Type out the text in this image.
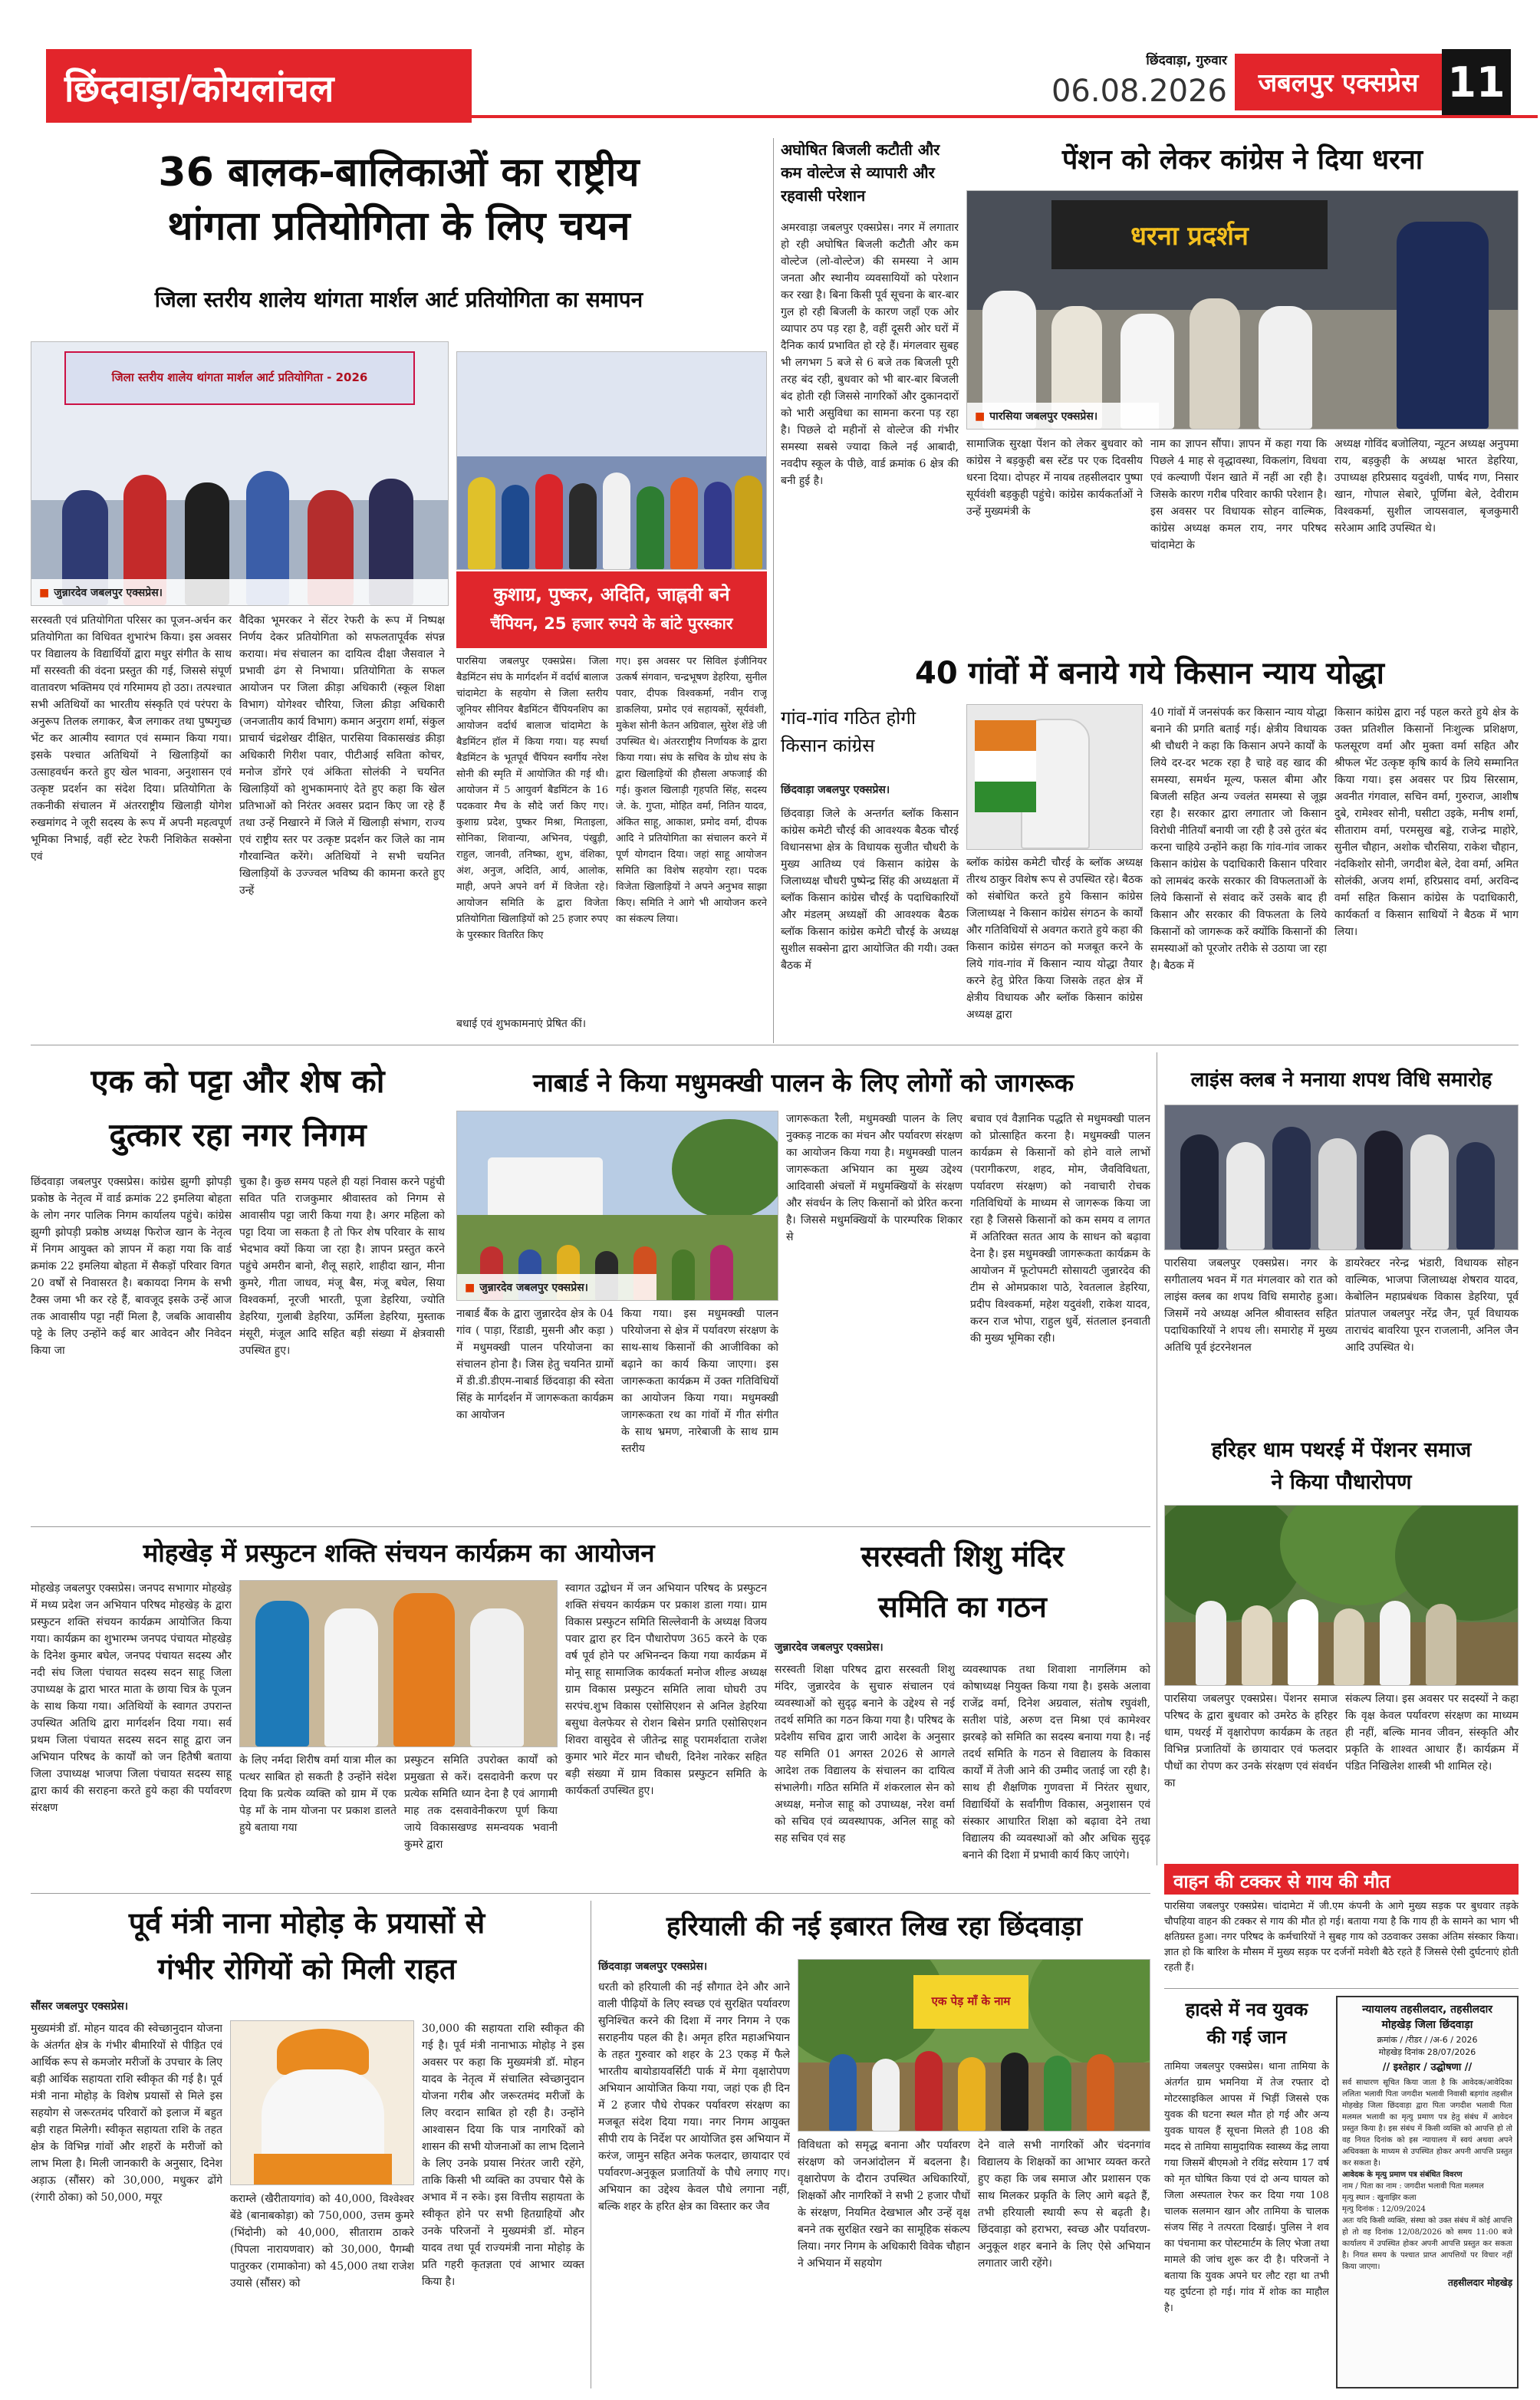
छिंदवाड़ा/कोयलांचल
छिंदवाड़ा, गुरुवार
06.08.2026	जबलपुर एक्सप्रेस 11
36 बालक-बालिकाओं का राष्ट्रीय
थांगता प्रतियोगिता के लिए चयन
जिला स्तरीय शालेय थांगता मार्शल आर्ट प्रतियोगिता का समापन
जिला स्तरीय शालेय थांगता मार्शल आर्ट प्रतियोगिता - 2026
■ जुन्नारदेव जबलपुर एक्सप्रेस।
सरस्वती एवं प्रतियोगिता परिसर का पूजन-अर्चन कर प्रतियोगिता का विधिवत शुभारंभ किया। इस अवसर पर विद्यालय के विद्यार्थियों द्वारा मधुर संगीत के साथ माँ सरस्वती की वंदना प्रस्तुत की गई, जिससे संपूर्ण वातावरण भक्तिमय एवं गरिमामय हो उठा। तत्पश्चात सभी अतिथियों का भारतीय संस्कृति एवं परंपरा के अनुरूप तिलक लगाकर, बैज लगाकर तथा पुष्पगुच्छ भेंट कर आत्मीय स्वागत एवं सम्मान किया गया। इसके पश्चात अतिथियों ने खिलाड़ियों का उत्साहवर्धन करते हुए खेल भावना, अनुशासन एवं उत्कृष्ट प्रदर्शन का संदेश दिया। प्रतियोगिता के तकनीकी संचालन में अंतरराष्ट्रीय खिलाड़ी योगेश रुखमांगद ने जूरी सदस्य के रूप में अपनी महत्वपूर्ण भूमिका निभाई, वहीं स्टेट रेफरी निशिकेत सक्सेना एवं
वैदिका भूमरकर ने सेंटर रेफरी के रूप में निष्पक्ष निर्णय देकर प्रतियोगिता को सफलतापूर्वक संपन्न कराया। मंच संचालन का दायित्व दीक्षा जैसवाल ने प्रभावी ढंग से निभाया। प्रतियोगिता के सफल आयोजन पर जिला क्रीड़ा अधिकारी (स्कूल शिक्षा विभाग) योगेश्वर चौरिया, जिला क्रीड़ा अधिकारी (जनजातीय कार्य विभाग) कमान अनुराग शर्मा, संकुल प्राचार्य चंद्रशेखर दीक्षित, पारसिया विकासखंड क्रीड़ा अधिकारी गिरीश पवार, पीटीआई सविता कोचर, मनोज डोंगरे एवं अंकिता सोलंकी ने चयनित खिलाड़ियों को शुभकामनाएं देते हुए कहा कि खेल प्रतिभाओं को निरंतर अवसर प्रदान किए जा रहे हैं तथा उन्हें निखारने में जिले में खिलाड़ी संभाग, राज्य एवं राष्ट्रीय स्तर पर उत्कृष्ट प्रदर्शन कर जिले का नाम गौरवान्वित करेंगे। अतिथियों ने सभी चयनित खिलाड़ियों के उज्ज्वल भविष्य की कामना करते हुए उन्हें
कुशाग्र, पुष्कर, अदिति, जाह्नवी बने
चैंपियन, 25 हजार रुपये के बांटे पुरस्कार
पारसिया जबलपुर एक्सप्रेस। जिला बैडमिंटन संघ के मार्गदर्शन में वर्दार्ध बालाज चांदामेटा के सहयोग से जिला स्तरीय जूनियर सीनियर बैडमिंटन चैंपियनशिप का आयोजन वर्दार्ध बालाज चांदामेटा के बैडमिंटन हॉल में किया गया। यह स्पर्धा बैडमिंटन के भूतपूर्व चैंपियन स्वर्गीय नरेश सोनी की स्मृति में आयोजित की गई थी। आयोजन में 5 आयुवर्ग बैडमिंटन के 16 पदकवार मैच के सौदे जर्रा किए गए। कुशाग्र प्रदेश, पुष्कर मिश्रा, मिताइला, सोनिका, शिवान्या, अभिनव, पंखुड़ी, राहुल, जानवी, तनिष्का, शुभ, वंशिका, अंश, अनुज, अदिति, आर्य, आलोक, माही, अपने अपने वर्ग में विजेता रहे। आयोजन समिति के द्वारा विजेता प्रतियोगिता खिलाड़ियों को 25 हजार रुपए के पुरस्कार वितरित किए
गए। इस अवसर पर सिविल इंजीनियर उत्कर्ष संगवान, चन्द्रभूषण डेहरिया, सुनील पवार, दीपक विश्वकर्मा, नवीन राजू डाकलिया, प्रमोद एवं सहायकों, सूर्यवंशी, मुकेश सोनी केतन अग्रिवाल, सुरेश शेंडे जी उपस्थित थे। अंतरराष्ट्रीय निर्णायक के द्वारा किया गया। संघ के सचिव के ग्रोथ संघ के द्वारा खिलाड़ियों की हौसला अफजाई की गई। कुशल खिलाड़ी गृहपति सिंह, सदस्य जे. के. गुप्ता, मोहित वर्मा, नितिन यादव, अंकित साहू, आकाश, प्रमोद वर्मा, दीपक आदि ने प्रतियोगिता का संचालन करने में पूर्ण योगदान दिया। जहां साहू आयोजन समिति का विशेष सहयोग रहा। पदक विजेता खिलाड़ियों ने अपने अनुभव साझा किए। समिति ने आगे भी आयोजन करने का संकल्प लिया।
बधाई एवं शुभकामनाएं प्रेषित कीं।
अघोषित बिजली कटौती और कम वोल्टेज से व्यापारी और रहवासी परेशान
अमरवाड़ा जबलपुर एक्सप्रेस। नगर में लगातार हो रही अघोषित बिजली कटौती और कम वोल्टेज (लो-वोल्टेज) की समस्या ने आम जनता और स्थानीय व्यवसायियों को परेशान कर रखा है। बिना किसी पूर्व सूचना के बार-बार गुल हो रही बिजली के कारण जहाँ एक ओर व्यापार ठप पड़ रहा है, वहीं दूसरी ओर घरों में दैनिक कार्य प्रभावित हो रहे हैं। मंगलवार सुबह भी लगभग 5 बजे से 6 बजे तक बिजली पूरी तरह बंद रही, बुधवार को भी बार-बार बिजली बंद होती रही जिससे नागरिकों और दुकानदारों को भारी असुविधा का सामना करना पड़ रहा है। पिछले दो महीनों से वोल्टेज की गंभीर समस्या सबसे ज्यादा किले नई आबादी, नवदीप स्कूल के पीछे, वार्ड क्रमांक 6 क्षेत्र की बनी हुई है।
पेंशन को लेकर कांग्रेस ने दिया धरना
धरना प्रदर्शन
■ पारसिया जबलपुर एक्सप्रेस।
सामाजिक सुरक्षा पेंशन को लेकर बुधवार को कांग्रेस ने बड़कुही बस स्टेंड पर एक दिवसीय धरना दिया। दोपहर में नायब तहसीलदार पुष्पा सूर्यवंशी बड़कुही पहुंचे। कांग्रेस कार्यकर्ताओं ने उन्हें मुख्यमंत्री के
नाम का ज्ञापन सौंपा। ज्ञापन में कहा गया कि पिछले 4 माह से वृद्धावस्था, विकलांग, विधवा एवं कल्याणी पेंशन खाते में नहीं आ रही है। जिसके कारण गरीब परिवार काफी परेशान है। इस अवसर पर विधायक सोहन वाल्मिक, कांग्रेस अध्यक्ष कमल राय, नगर परिषद चांदामेटा के
अध्यक्ष गोविंद बजोलिया, न्यूटन अध्यक्ष अनुपमा राय, बड़कुही के अध्यक्ष भारत डेहरिया, उपाध्यक्ष हरिप्रसाद यदुवंशी, पार्षद गण, निसार खान, गोपाल सेबारे, पूर्णिमा बेले, देवीराम विश्वकर्मा, सुशील जायसवाल, बृजकुमारी सरेआम आदि उपस्थित थे।
40 गांवों में बनाये गये किसान न्याय योद्धा
गांव-गांव गठित होगी किसान कांग्रेस
छिंदवाड़ा जबलपुर एक्सप्रेस।
छिंदवाड़ा जिले के अन्तर्गत ब्लॉक किसान कांग्रेस कमेटी चौरई की आवश्यक बैठक चौरई विधानसभा क्षेत्र के विधायक सुजीत चौधरी के मुख्य आतिथ्य एवं किसान कांग्रेस के जिलाध्यक्ष चौधरी पुष्पेन्द्र सिंह की अध्यक्षता में ब्लॉक किसान कांग्रेस चौरई के पदाधिकारियों और मंडलम् अध्यक्षों की आवश्यक बैठक ब्लॉक किसान कांग्रेस कमेटी चौरई के अध्यक्ष सुशील सक्सेना द्वारा आयोजित की गयी। उक्त बैठक में
ब्लॉक कांग्रेस कमेटी चौरई के ब्लॉक अध्यक्ष तीरथ ठाकुर विशेष रूप से उपस्थित रहे। बैठक को संबोधित करते हुये किसान कांग्रेस जिलाध्यक्ष ने किसान कांग्रेस संगठन के कार्यों और गतिविधियों से अवगत कराते हुये कहा की किसान कांग्रेस संगठन को मजबूत करने के लिये गांव-गांव में किसान न्याय योद्धा तैयार करने हेतु प्रेरित किया जिसके तहत क्षेत्र में क्षेत्रीय विधायक और ब्लॉक किसान कांग्रेस अध्यक्ष द्वारा
40 गांवों में जनसंपर्क कर किसान न्याय योद्धा बनाने की प्रगति बताई गई। क्षेत्रीय विधायक श्री चौधरी ने कहा कि किसान अपने कार्यों के लिये दर-दर भटक रहा है चाहे वह खाद की समस्या, समर्थन मूल्य, फसल बीमा और बिजली सहित अन्य ज्वलंत समस्या से जूझ रहा है। सरकार द्वारा लगातार जो किसान विरोधी नीतियाँ बनायी जा रही है उसे तुरंत बंद करना चाहिये उन्होंने कहा कि गांव-गांव जाकर किसान कांग्रेस के पदाधिकारी किसान परिवार को लामबंद करके सरकार की विफलताओं के लिये किसानों से संवाद करें उसके बाद ही किसान और सरकार की विफलता के लिये किसानों को जागरूक करें क्योंकि किसानों की समस्याओं को पूरजोर तरीके से उठाया जा रहा है। बैठक में
किसान कांग्रेस द्वारा नई पहल करते हुये क्षेत्र के उक्त प्रतिशील किसानों निःशुल्क प्रशिक्षण, फलसूरण वर्मा और मुक्ता वर्मा सहित और श्रीफल भेंट उत्कृष्ट कृषि कार्य के लिये सम्मानित किया गया। इस अवसर पर प्रिय सिरसाम, अवनीत गंगवाल, सचिन वर्मा, गुरुराज, आशीष दुबे, रामेश्वर सोनी, घसीटा उइके, मनीष शर्मा, सीताराम वर्मा, परमसुख बड्डे, राजेन्द्र माहोरे, सुनील चौहान, अशोक चौरसिया, राकेश चौहान, नंदकिशोर सोनी, जगदीश बेले, देवा वर्मा, अमित सोलंकी, अजय शर्मा, हरिप्रसाद वर्मा, अरविन्द वर्मा सहित किसान कांग्रेस के पदाधिकारी, कार्यकर्ता व किसान साथियों ने बैठक में भाग लिया।
एक को पट्टा और शेष को
दुत्कार रहा नगर निगम
छिंदवाड़ा जबलपुर एक्सप्रेस। कांग्रेस झुग्गी झोपड़ी प्रकोष्ठ के नेतृत्व में वार्ड क्रमांक 22 इमलिया बोहता के लोग नगर पालिक निगम कार्यालय पहुंचे। कांग्रेस झुग्गी झोपड़ी प्रकोष्ठ अध्यक्ष फिरोज खान के नेतृत्व में निगम आयुक्त को ज्ञापन में कहा गया कि वार्ड क्रमांक 22 इमलिया बोहता में सैकड़ों परिवार विगत 20 वर्षों से निवासरत है। बकायदा निगम के सभी टैक्स जमा भी कर रहे हैं, बावजूद इसके उन्हें आज तक आवासीय पट्टा नहीं मिला है, जबकि आवासीय पट्टे के लिए उन्होंने कई बार आवेदन और निवेदन किया जा
चुका है। कुछ समय पहले ही यहां निवास करने पहुंची सवित पति राजकुमार श्रीवास्तव को निगम से आवासीय पट्टा जारी किया गया है। अगर महिला को पट्टा दिया जा सकता है तो फिर शेष परिवार के साथ भेदभाव क्यों किया जा रहा है। ज्ञापन प्रस्तुत करने पहुंचे अमरीन बानो, शैलू सहारे, शाहीदा खान, मीना कुमरे, गीता जाधव, मंजू बैस, मंजू बघेल, सिया विश्वकर्मा, नूरजी भारती, पूजा डेहरिया, ज्योति डेहरिया, गुलाबी डेहरिया, ऊर्मिला डेहरिया, मुस्ताक मंसूरी, मंजूल आदि सहित बड़ी संख्या में क्षेत्रवासी उपस्थित हुए।
नाबार्ड ने किया मधुमक्खी पालन के लिए लोगों को जागरूक
■ जुन्नारदेव जबलपुर एक्सप्रेस।
नाबार्ड बैंक के द्वारा जुन्नारदेव क्षेत्र के 04 गांव ( पाड़ा, रिंडाडी, मुसनी और कड़ा ) में मधुमक्खी पालन परियोजना का संचालन होना है। जिस हेतु चयनित ग्रामों में डी.डी.डीएम-नाबार्ड छिंदवाड़ा की स्वेता सिंह के मार्गदर्शन में जागरूकता कार्यक्रम का आयोजन
किया गया। इस मधुमक्खी पालन परियोजना से क्षेत्र में पर्यावरण संरक्षण के साथ-साथ किसानों की आजीविका को बढ़ाने का कार्य किया जाएगा। इस जागरूकता कार्यक्रम में उक्त गतिविधियों का आयोजन किया गया। मधुमक्खी जागरूकता रथ का गांवों में गीत संगीत के साथ भ्रमण, नारेबाजी के साथ ग्राम स्तरीय
जागरूकता रैली, मधुमक्खी पालन के लिए नुक्कड़ नाटक का मंचन और पर्यावरण संरक्षण का आयोजन किया गया है। मधुमक्खी पालन जागरूकता अभियान का मुख्य उद्देश्य आदिवासी अंचलों में मधुमक्खियों के संरक्षण और संवर्धन के लिए किसानों को प्रेरित करना है। जिससे मधुमक्खियों के पारम्परिक शिकार से
बचाव एवं वैज्ञानिक पद्धति से मधुमक्खी पालन को प्रोत्साहित करना है। मधुमक्खी पालन कार्यक्रम से किसानों को होने वाले लाभों (परागीकरण, शहद, मोम, जैवविविधता, पर्यावरण संरक्षण) को नवाचारी रोचक गतिविधियों के माध्यम से जागरूक किया जा रहा है जिससे किसानों को कम समय व लागत में अतिरिक्त सतत आय के साधन को बढ़ावा देना है। इस मधुमक्खी जागरूकता कार्यक्रम के आयोजन में फूटोपमटी सोसायटी जुन्नारदेव की टीम से ओमप्रकाश पाठे, रेवतलाल डेहरिया, प्रदीप विश्वकर्मा, महेश यदुवंशी, राकेश यादव, करन राज भोपा, राहुल धुर्वे, संतलाल इनवाती की मुख्य भूमिका रही।
लाइंस क्लब ने मनाया शपथ विधि समारोह
पारसिया जबलपुर एक्सप्रेस। नगर के सगीतालय भवन में गत मंगलवार को रात को लाइंस क्लब का शपथ विधि समारोह हुआ। जिसमें नये अध्यक्ष अनिल श्रीवास्तव सहित पदाधिकारियों ने शपथ ली। समारोह में मुख्य अतिथि पूर्व इंटरनेशनल
डायरेक्टर नरेन्द्र भंडारी, विधायक सोहन वाल्मिक, भाजपा जिलाध्यक्ष शेषराव यादव, केबोलिन महाप्रबंधक विकास डेहरिया, पूर्व प्रांतपाल जबलपुर नरेंद्र जैन, पूर्व विधायक ताराचंद बावरिया पूरन राजलानी, अनिल जैन आदि उपस्थित थे।
हरिहर धाम पथरई में पेंशनर समाज
ने किया पौधारोपण
पारसिया जबलपुर एक्सप्रेस। पेंशनर समाज परिषद के द्वारा बुधवार को उमरेठ के हरिहर धाम, पथरई में वृक्षारोपण कार्यक्रम के तहत विभिन्न प्रजातियों के छायादार एवं फलदार पौधों का रोपण कर उनके संरक्षण एवं संवर्धन का
संकल्प लिया। इस अवसर पर सदस्यों ने कहा कि वृक्ष केवल पर्यावरण संरक्षण का माध्यम ही नहीं, बल्कि मानव जीवन, संस्कृति और प्रकृति के शाश्वत आधार हैं। कार्यक्रम में पंडित निखिलेश शास्त्री भी शामिल रहे।
मोहखेड़ में प्रस्फुटन शक्ति संचयन कार्यक्रम का आयोजन
मोहखेड़ जबलपुर एक्सप्रेस। जनपद सभागार मोहखेड़ में मध्य प्रदेश जन अभियान परिषद मोहखेड़ के द्वारा प्रस्फुटन शक्ति संचयन कार्यक्रम आयोजित किया गया। कार्यक्रम का शुभारम्भ जनपद पंचायत मोहखेड़ के दिनेश कुमार बघेल, जनपद पंचायत सदस्य और नदी संघ जिला पंचायत सदस्य सदन साहू जिला उपाध्यक्ष के द्वारा भारत माता के छाया चित्र के पूजन के साथ किया गया। अतिथियों के स्वागत उपरान्त उपस्थित अतिथि द्वारा मार्गदर्शन दिया गया। सर्व प्रथम जिला पंचायत सदस्य सदन साहू द्वारा जन अभियान परिषद के कार्यों को जन हितैषी बताया जिला उपाध्यक्ष भाजपा जिला पंचायत सदस्य साहू द्वारा कार्य की सराहना करते हुये कहा की पर्यावरण संरक्षण
के लिए नर्मदा शिरीष वर्मा यात्रा मील का पत्थर साबित हो सकती है उन्होंने संदेश दिया कि प्रत्येक व्यक्ति को ग्राम में एक पेड़ माँ के नाम योजना पर प्रकाश डालते हुये बताया गया
प्रस्फुटन समिति उपरोक्त कार्यों को प्रमुखता से करें। दसदावेनी करण पर प्रत्येक समिति ध्यान देना है एवं आगामी माह तक दसवावेनीकरण पूर्ण किया जाये विकासखण्ड समन्वयक भवानी कुमरे द्वारा
स्वागत उद्बोधन में जन अभियान परिषद के प्रस्फुटन शक्ति संचयन कार्यक्रम पर प्रकाश डाला गया। ग्राम विकास प्रस्फुटन समिति सिल्लेवानी के अध्यक्ष विजय पवार द्वारा हर दिन पौधारोपण 365 करने के एक वर्ष पूर्व होने पर अभिनन्दन किया गया कार्यक्रम में मोनू साहू सामाजिक कार्यकर्ता मनोज शील्ड अध्यक्ष ग्राम विकास प्रस्फुटन समिति लावा घोघरी उप सरपंच.शुभ विकास एसोसिएशन से अनिल डेहरिया बसुधा वेलफेयर से रोशन बिसेन प्रगति एसोसिएशन शिवरा वासुदेव से जीतेन्द्र साहू परामर्शदाता राजेश कुमार भारे मेंटर मान चौधरी, दिनेश नारेकर सहित बड़ी संख्या में ग्राम विकास प्रस्फुटन समिति के कार्यकर्ता उपस्थित हुए।
सरस्वती शिशु मंदिर
समिति का गठन
जुन्नारदेव जबलपुर एक्सप्रेस।
सरस्वती शिक्षा परिषद द्वारा सरस्वती शिशु मंदिर, जुन्नारदेव के सुचारु संचालन एवं व्यवस्थाओं को सुदृढ़ बनाने के उद्देश्य से नई तदर्थ समिति का गठन किया गया है। परिषद के प्रदेशीय सचिव द्वारा जारी आदेश के अनुसार यह समिति 01 अगस्त 2026 से आगले आदेश तक विद्यालय के संचालन का दायित्व संभालेगी। गठित समिति में शंकरलाल सेन को अध्यक्ष, मनोज साहू को उपाध्यक्ष, नरेश वर्मा को सचिव एवं व्यवस्थापक, अनिल साहू को सह सचिव एवं सह
व्यवस्थापक तथा शिवाशा नागलिंगम को कोषाध्यक्ष नियुक्त किया गया है। इसके अलावा राजेंद्र वर्मा, दिनेश अग्रवाल, संतोष रघुवंशी, सतीश पांडे, अरुण दत्त मिश्रा एवं कामेश्वर झरबड़े को समिति का सदस्य बनाया गया है। नई तदर्थ समिति के गठन से विद्यालय के विकास कार्यों में तेजी आने की उम्मीद जताई जा रही है। साथ ही शैक्षणिक गुणवत्ता में निरंतर सुधार, विद्यार्थियों के सर्वांगीण विकास, अनुशासन एवं संस्कार आधारित शिक्षा को बढ़ावा देने तथा विद्यालय की व्यवस्थाओं को और अधिक सुदृढ़ बनाने की दिशा में प्रभावी कार्य किए जाएंगे।
वाहन की टक्कर से गाय की मौत
पूर्व मंत्री नाना मोहोड़ के प्रयासों से
गंभीर रोगियों को मिली राहत
सौंसर जबलपुर एक्सप्रेस।
मुख्यमंत्री डॉ. मोहन यादव की स्वेच्छानुदान योजना के अंतर्गत क्षेत्र के गंभीर बीमारियों से पीड़ित एवं आर्थिक रूप से कमजोर मरीजों के उपचार के लिए बड़ी आर्थिक सहायता राशि स्वीकृत की गई है। पूर्व मंत्री नाना मोहोड़ के विशेष प्रयासों से मिले इस सहयोग से जरूरतमंद परिवारों को इलाज में बहुत बड़ी राहत मिलेगी। स्वीकृत सहायता राशि के तहत क्षेत्र के विभिन्न गांवों और शहरों के मरीजों को लाभ मिला है। मिली जानकारी के अनुसार, दिनेश अड़ाऊ (सौंसर) को 30,000, मधुकर ढोंगे (रंगारी ठोका) को 50,000, मयूर	कराम्ले (खैरीतायगांव) को 40,000, विश्वेश्वर बेंडे (बानाबकोड़ा) को 750,000, उत्तम कुमरे (भिंदोनी) को 40,000, सीताराम ठाकरे (पिपला नारायणवार) को 30,000, पैगम्बी पातुरकर (रामाकोना) को 45,000 तथा राजेश उयासे (सौंसर) को
30,000 की सहायता राशि स्वीकृत की गई है। पूर्व मंत्री नानाभाऊ मोहोड़ ने इस अवसर पर कहा कि मुख्यमंत्री डॉ. मोहन यादव के नेतृत्व में संचालित स्वेच्छानुदान योजना गरीब और जरूरतमंद मरीजों के लिए वरदान साबित हो रही है। उन्होंने आश्वासन दिया कि पात्र नागरिकों को शासन की सभी योजनाओं का लाभ दिलाने के लिए उनके प्रयास निरंतर जारी रहेंगे, ताकि किसी भी व्यक्ति का उपचार पैसे के अभाव में न रुके। इस वित्तीय सहायता के स्वीकृत होने पर सभी हितग्राहियों और उनके परिजनों ने मुख्यमंत्री डॉ. मोहन यादव तथा पूर्व राज्यमंत्री नाना मोहोड़ के प्रति गहरी कृतज्ञता एवं आभार व्यक्त किया है।
हरियाली की नई इबारत लिख रहा छिंदवाड़ा
छिंदवाड़ा जबलपुर एक्सप्रेस।
धरती को हरियाली की नई सौगात देने और आने वाली पीढ़ियों के लिए स्वच्छ एवं सुरक्षित पर्यावरण सुनिश्चित करने की दिशा में नगर निगम ने एक सराहनीय पहल की है। अमृत हरित महाअभियान के तहत गुरुवार को शहर के 23 एकड़ में फैले भारतीय बायोडायवर्सिटी पार्क में मेगा वृक्षारोपण अभियान आयोजित किया गया, जहां एक ही दिन में 2 हजार पौधे रोपकर पर्यावरण संरक्षण का मजबूत संदेश दिया गया। नगर निगम आयुक्त सीपी राय के निर्देश पर आयोजित इस अभियान में करंज, जामुन सहित अनेक फलदार, छायादार एवं पर्यावरण-अनुकूल प्रजातियों के पौधे लगाए गए। अभियान का उद्देश्य केवल पौधे लगाना नहीं, बल्कि शहर के हरित क्षेत्र का विस्तार कर जैव
एक पेड़ माँ के नाम
विविधता को समृद्ध बनाना और पर्यावरण संरक्षण को जनआंदोलन में बदलना है। वृक्षारोपण के दौरान उपस्थित अधिकारियों, शिक्षकों और नागरिकों ने सभी 2 हजार पौधों के संरक्षण, नियमित देखभाल और उन्हें वृक्ष बनने तक सुरक्षित रखने का सामूहिक संकल्प लिया। नगर निगम के अधिकारी विवेक चौहान ने अभियान में सहयोग
देने वाले सभी नागरिकों और चंदनगांव विद्यालय के शिक्षकों का आभार व्यक्त करते हुए कहा कि जब समाज और प्रशासन एक साथ मिलकर प्रकृति के लिए आगे बढ़ते हैं, तभी हरियाली स्थायी रूप से बढ़ती है। छिंदवाड़ा को हराभरा, स्वच्छ और पर्यावरण-अनुकूल शहर बनाने के लिए ऐसे अभियान लगातार जारी रहेंगे।
पारसिया जबलपुर एक्सप्रेस। चांदामेटा में जी.एम कंपनी के आगे मुख्य सड़क पर बुधवार तड़के चौपहिया वाहन की टक्कर से गाय की मौत हो गई। बताया गया है कि गाय ही के सामने का भाग भी क्षतिग्रस्त हुआ। नगर परिषद के कर्मचारियों ने सुबह गाय को उठवाकर उसका अंतिम संस्कार किया। ज्ञात हो कि बारिश के मौसम में मुख्य सड़क पर दर्जनों मवेशी बैठे रहते हैं जिससे ऐसी दुर्घटनाएं होती रहती हैं।
हादसे में नव युवक
की गई जान
तामिया जबलपुर एक्सप्रेस। थाना तामिया के अंतर्गत ग्राम भमनिया में तेज रफ्तार दो मोटरसाइकिल आपस में भिड़ीं जिससे एक युवक की घटना स्थल मौत हो गई और अन्य युवक घायल हैं सूचना मिलते ही 108 की मदद से तामिया सामुदायिक स्वास्थ्य केंद्र लाया गया जिसमें बीएमओ ने रविंद्र सरेयाम 17 वर्ष को मृत घोषित किया एवं दो अन्य घायल को जिला अस्पताल रेफर कर दिया गया 108 चालक सलमान खान और तामिया के चालक संजय सिंह ने तत्परता दिखाई। पुलिस ने शव का पंचनामा कर पोस्टमार्टम के लिए भेजा तथा मामले की जांच शुरू कर दी है। परिजनों ने बताया कि युवक अपने घर लौट रहा था तभी यह दुर्घटना हो गई। गांव में शोक का माहौल है।
न्यायालय तहसीलदार, तहसीलदार
मोहखेड़ जिला छिंदवाड़ा
क्रमांक / /रीडर / /अ-6 / 2026
मोहखेड़ दिनांक 28/07/2026
// इश्तेहार / उद्घोषणा //
सर्व साधारण सूचित किया जाता है कि आवेदक/आवेदिका ललिता भलावी पिता जगदीश भलावी निवासी बड़गांव तहसील मोहखेड़ जिला छिंदवाड़ा द्वारा पिता जगदीश भलावी पिता मलमल भलावी का मृत्यु प्रमाण पत्र हेतु संबंध में आवेदन प्रस्तुत किया है। इस संबंध में किसी व्यक्ति को आपत्ति हो तो वह नियत दिनांक को इस न्यायालय में स्वयं अथवा अपने अधिवक्ता के माध्यम से उपस्थित होकर अपनी आपत्ति प्रस्तुत कर सकता है।
आवेदक के मृत्यु प्रमाण पत्र संबंधित विवरण
नाम / पिता का नाम : जगदीश भलावी पिता मलमल
मृत्यु स्थान : खुनाझिर कला
मृत्यु दिनांक : 12/09/2024
अतः यदि किसी व्यक्ति, संस्था को उक्त संबंध में कोई आपत्ति हो तो वह दिनांक 12/08/2026 को समय 11:00 बजे कार्यालय में उपस्थित होकर अपनी आपत्ति प्रस्तुत कर सकता है। नियत समय के पश्चात प्राप्त आपत्तियों पर विचार नहीं किया जाएगा।
तहसीलदार मोहखेड़
